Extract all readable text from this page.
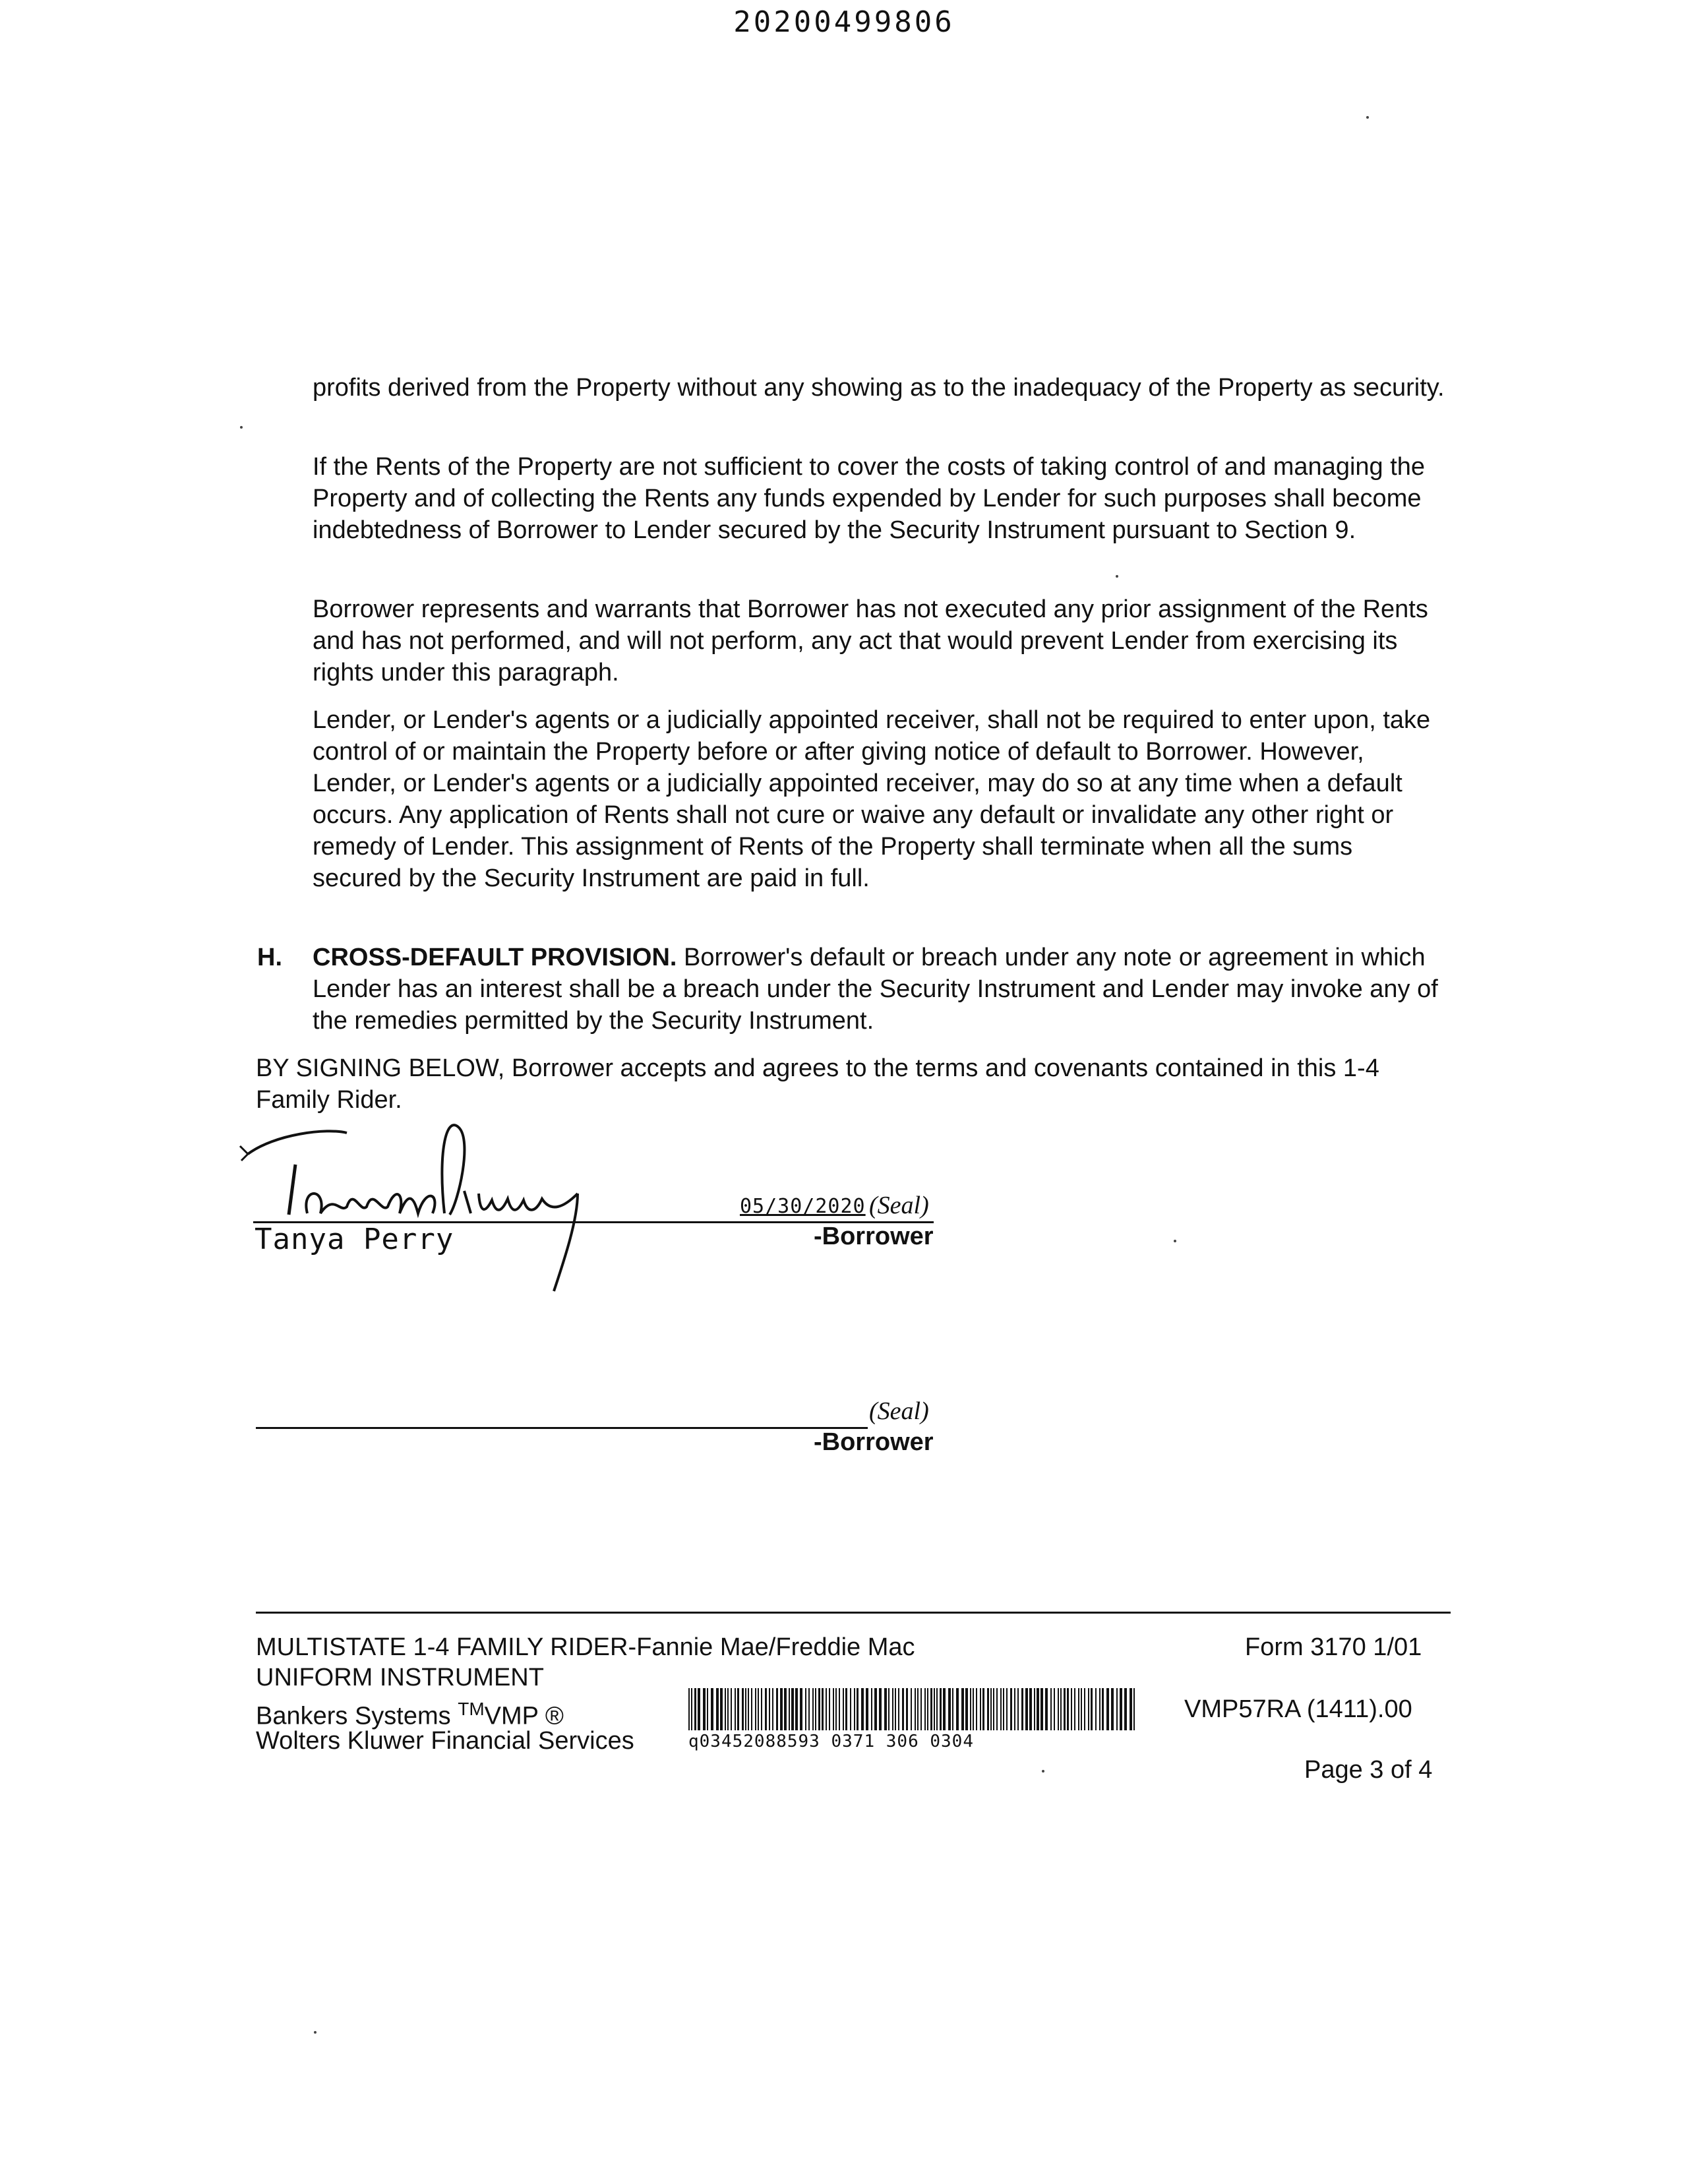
20200499806

profits derived from the Property without any showing as to the inadequacy of the Property as security.

If the Rents of the Property are not sufficient to cover the costs of taking control of and managing the Property and of collecting the Rents any funds expended by Lender for such purposes shall become indebtedness of Borrower to Lender secured by the Security Instrument pursuant to Section 9.

Borrower represents and warrants that Borrower has not executed any prior assignment of the Rents and has not performed, and will not perform, any act that would prevent Lender from exercising its rights under this paragraph.

Lender, or Lender's agents or a judicially appointed receiver, shall not be required to enter upon, take control of or maintain the Property before or after giving notice of default to Borrower. However, Lender, or Lender's agents or a judicially appointed receiver, may do so at any time when a default occurs. Any application of Rents shall not cure or waive any default or invalidate any other right or remedy of Lender. This assignment of Rents of the Property shall terminate when all the sums secured by the Security Instrument are paid in full.

H. CROSS-DEFAULT PROVISION. Borrower's default or breach under any note or agreement in which Lender has an interest shall be a breach under the Security Instrument and Lender may invoke any of the remedies permitted by the Security Instrument.

BY SIGNING BELOW, Borrower accepts and agrees to the terms and covenants contained in this 1-4 Family Rider.

Tanya Perry
05/30/2020 (Seal)
-Borrower
(Seal)
-Borrower
MULTISTATE 1-4 FAMILY RIDER-Fannie Mae/Freddie Mac
UNIFORM INSTRUMENT
Bankers Systems ™VMP ®
Wolters Kluwer Financial Services
Form 3170 1/01
VMP57RA (1411).00
Page 3 of 4
q03452088593 0371 306 0304
